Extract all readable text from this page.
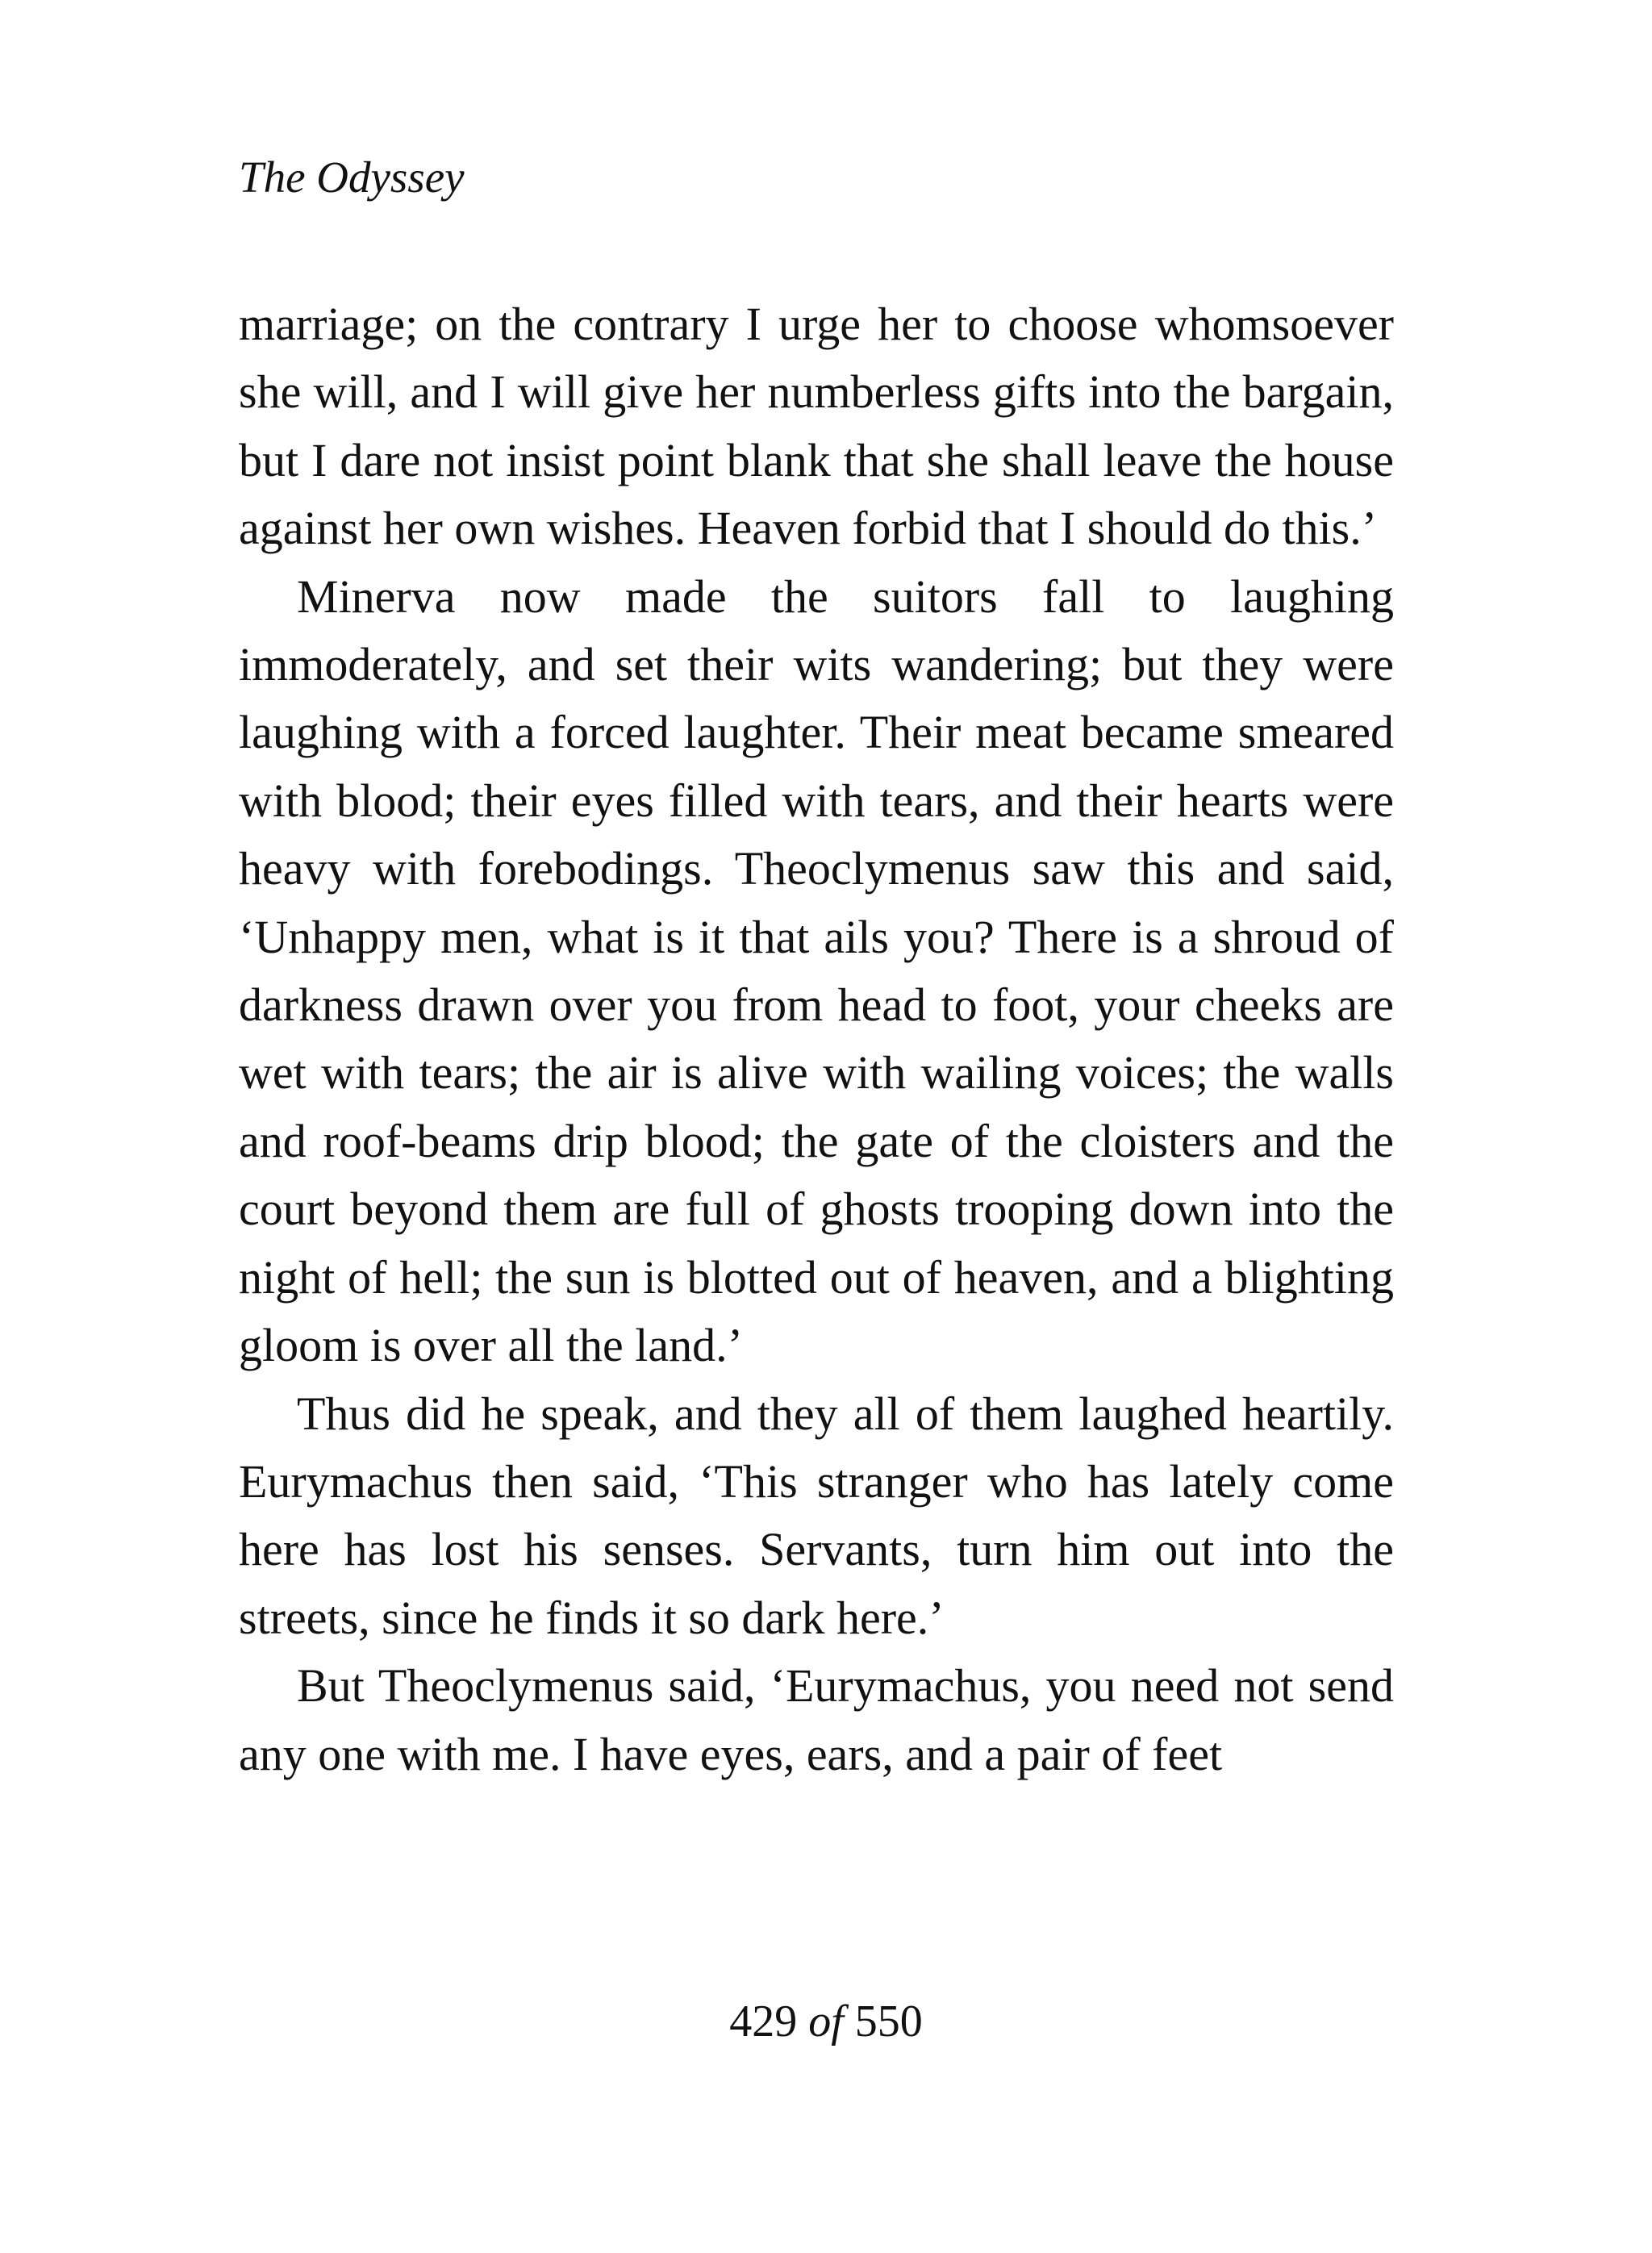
The Odyssey

marriage; on the contrary I urge her to choose whomsoever she will, and I will give her numberless gifts into the bargain, but I dare not insist point blank that she shall leave the house against her own wishes. Heaven forbid that I should do this.’

Minerva now made the suitors fall to laughing immoderately, and set their wits wandering; but they were laughing with a forced laughter. Their meat became smeared with blood; their eyes filled with tears, and their hearts were heavy with forebodings. Theoclymenus saw this and said, ‘Unhappy men, what is it that ails you? There is a shroud of darkness drawn over you from head to foot, your cheeks are wet with tears; the air is alive with wailing voices; the walls and roof-beams drip blood; the gate of the cloisters and the court beyond them are full of ghosts trooping down into the night of hell; the sun is blotted out of heaven, and a blighting gloom is over all the land.’

Thus did he speak, and they all of them laughed heartily. Eurymachus then said, ‘This stranger who has lately come here has lost his senses. Servants, turn him out into the streets, since he finds it so dark here.’

But Theoclymenus said, ‘Eurymachus, you need not send any one with me. I have eyes, ears, and a pair of feet

429 of 550
